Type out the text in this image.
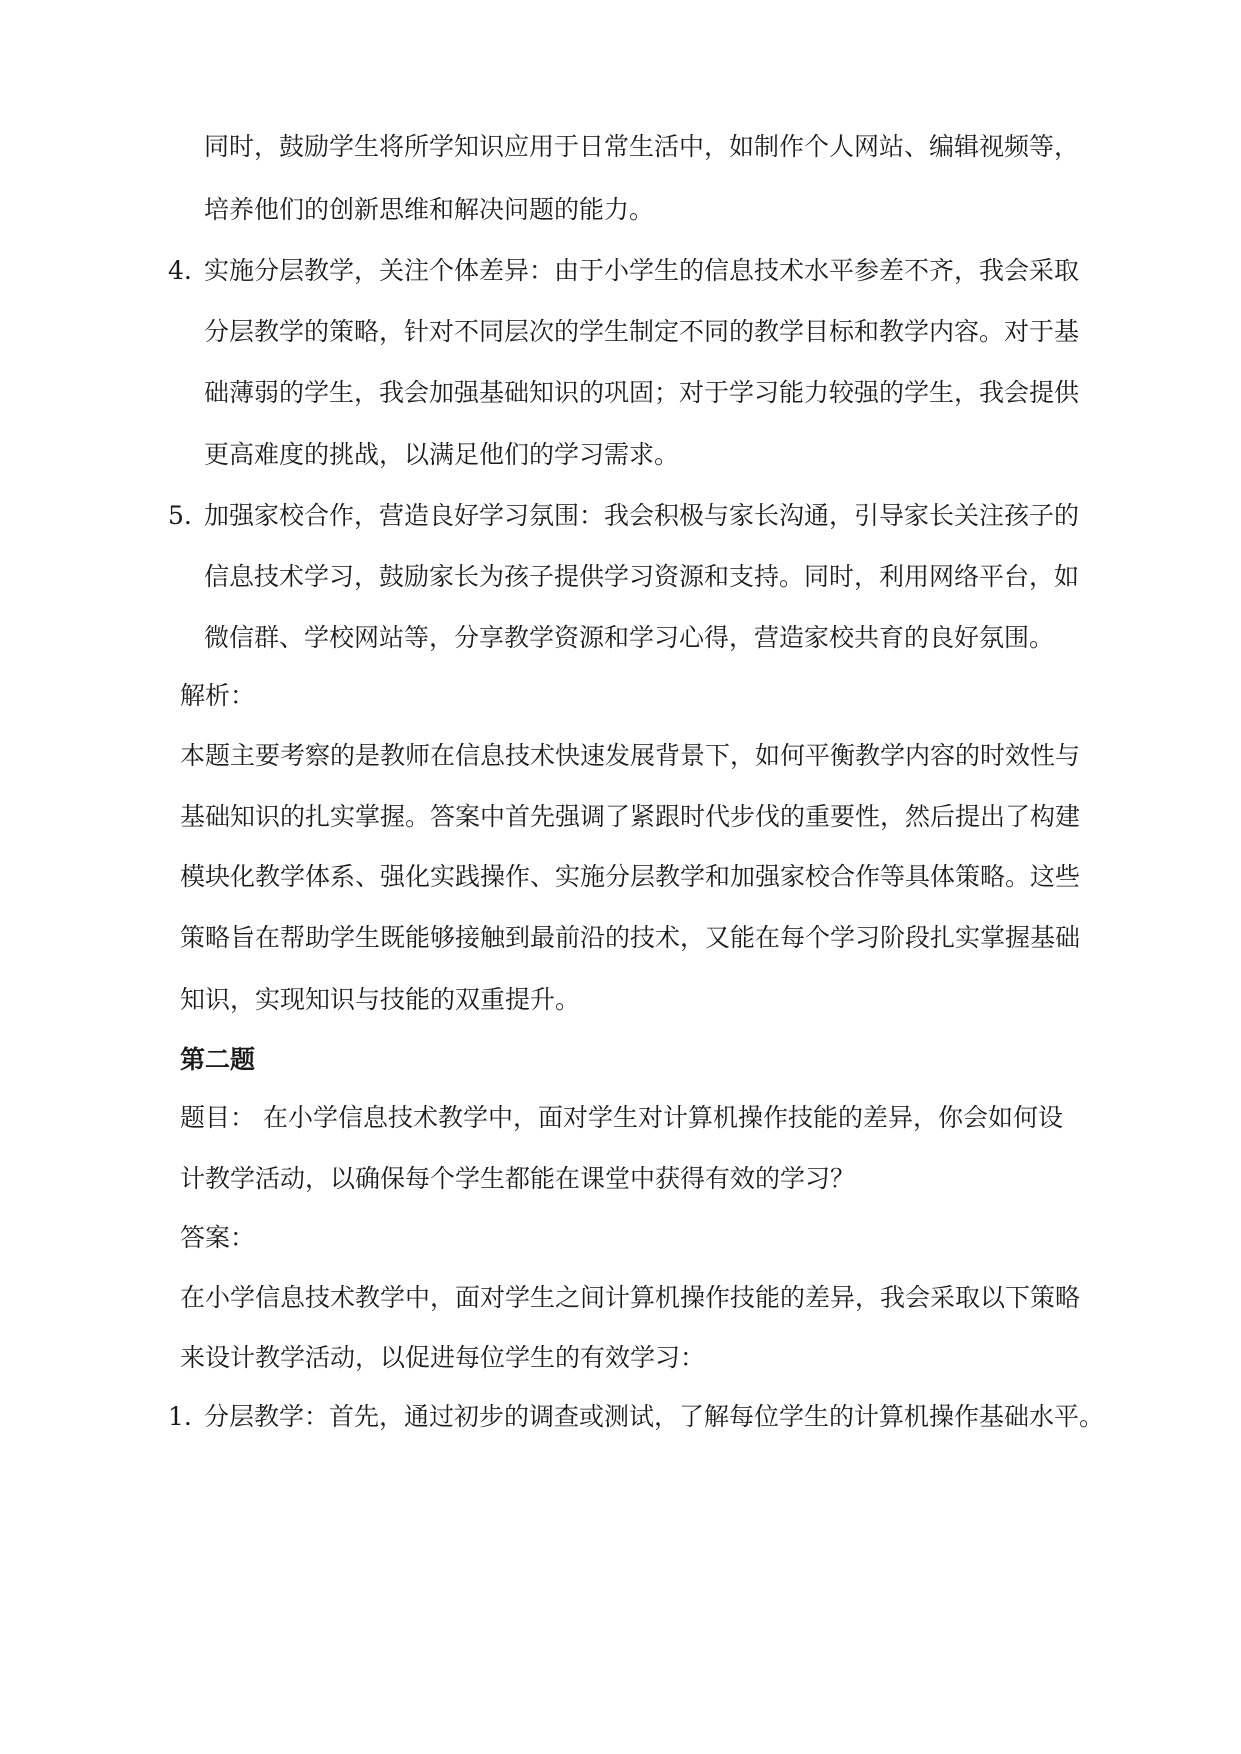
同时，鼓励学生将所学知识应用于日常生活中，如制作个人网站、编辑视频等，
培养他们的创新思维和解决问题的能力。
4. 实施分层教学，关注个体差异：由于小学生的信息技术水平参差不齐，我会采取
分层教学的策略，针对不同层次的学生制定不同的教学目标和教学内容。对于基
础薄弱的学生，我会加强基础知识的巩固；对于学习能力较强的学生，我会提供
更高难度的挑战，以满足他们的学习需求。
5. 加强家校合作，营造良好学习氛围：我会积极与家长沟通，引导家长关注孩子的
信息技术学习，鼓励家长为孩子提供学习资源和支持。同时，利用网络平台，如
微信群、学校网站等，分享教学资源和学习心得，营造家校共育的良好氛围。
解析：
本题主要考察的是教师在信息技术快速发展背景下，如何平衡教学内容的时效性与
基础知识的扎实掌握。答案中首先强调了紧跟时代步伐的重要性，然后提出了构建
模块化教学体系、强化实践操作、实施分层教学和加强家校合作等具体策略。这些
策略旨在帮助学生既能够接触到最前沿的技术，又能在每个学习阶段扎实掌握基础
知识，实现知识与技能的双重提升。
第二题
题目： 在小学信息技术教学中，面对学生对计算机操作技能的差异，你会如何设
计教学活动，以确保每个学生都能在课堂中获得有效的学习？
答案：
在小学信息技术教学中，面对学生之间计算机操作技能的差异，我会采取以下策略
来设计教学活动，以促进每位学生的有效学习：
1. 分层教学：首先，通过初步的调查或测试，了解每位学生的计算机操作基础水平。
